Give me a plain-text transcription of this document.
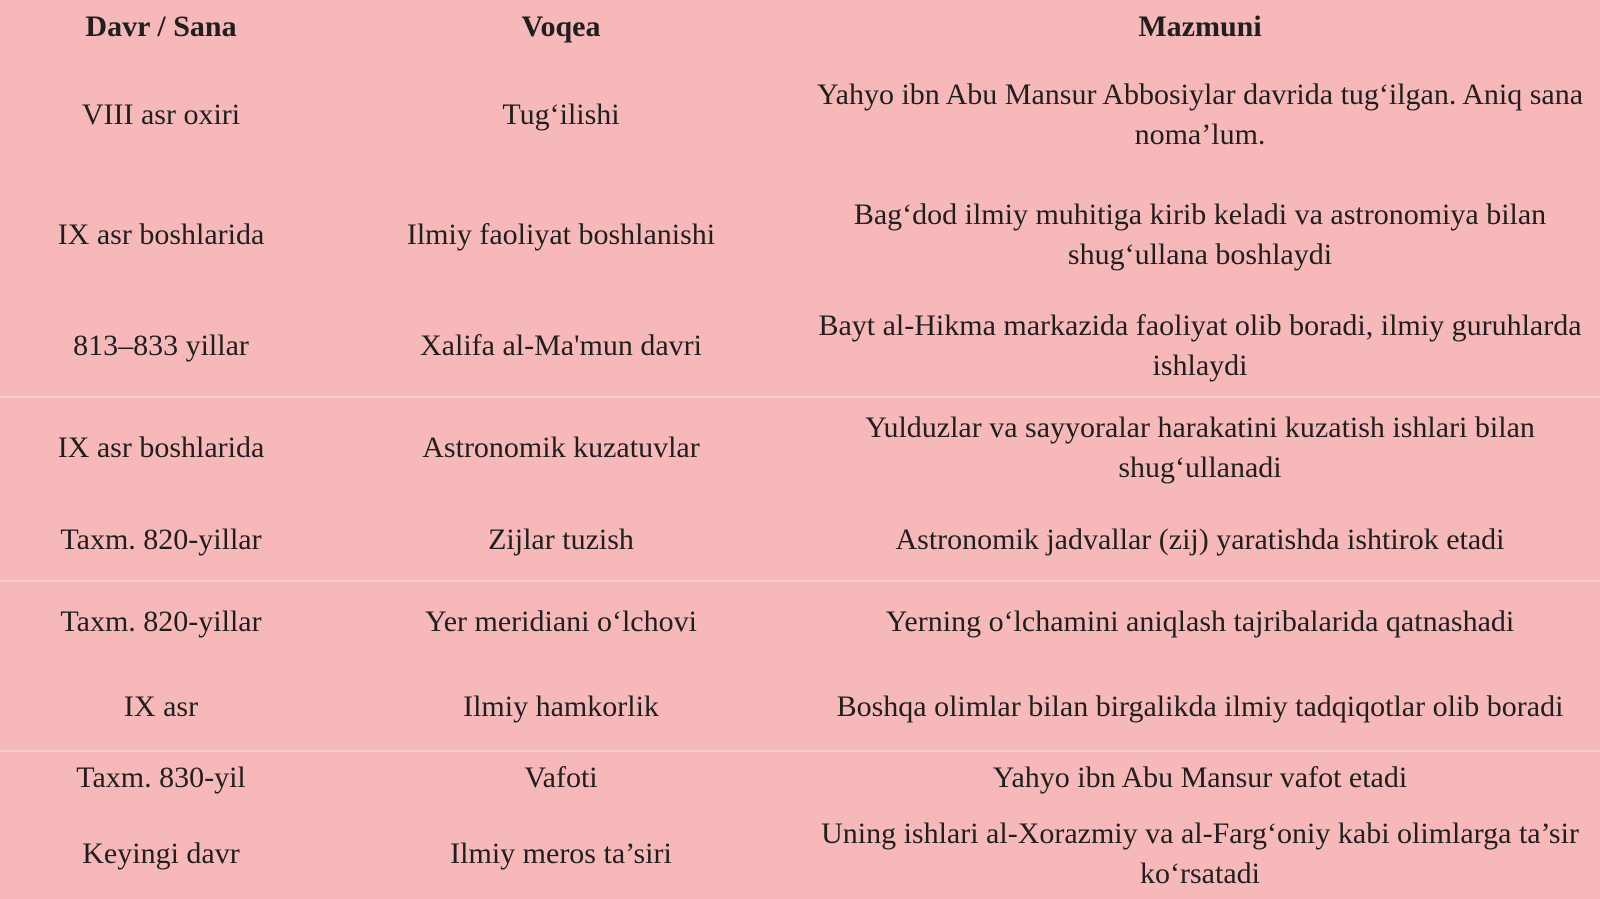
Davr / Sana	Voqea	Mazmuni
VIII asr oxiri	Tug‘ilishi	Yahyo ibn Abu Mansur Abbosiylar davrida tug‘ilgan. Aniq sana noma’lum.
IX asr boshlarida	Ilmiy faoliyat boshlanishi	Bag‘dod ilmiy muhitiga kirib keladi va astronomiya bilan shug‘ullana boshlaydi
813–833 yillar	Xalifa al-Ma'mun davri	Bayt al-Hikma markazida faoliyat olib boradi, ilmiy guruhlarda ishlaydi
IX asr boshlarida	Astronomik kuzatuvlar	Yulduzlar va sayyoralar harakatini kuzatish ishlari bilan shug‘ullanadi
Taxm. 820-yillar	Zijlar tuzish	Astronomik jadvallar (zij) yaratishda ishtirok etadi
Taxm. 820-yillar	Yer meridiani o‘lchovi	Yerning o‘lchamini aniqlash tajribalarida qatnashadi
IX asr	Ilmiy hamkorlik	Boshqa olimlar bilan birgalikda ilmiy tadqiqotlar olib boradi
Taxm. 830-yil	Vafoti	Yahyo ibn Abu Mansur vafot etadi
Keyingi davr	Ilmiy meros ta’siri	Uning ishlari al-Xorazmiy va al-Farg‘oniy kabi olimlarga ta’sir ko‘rsatadi
